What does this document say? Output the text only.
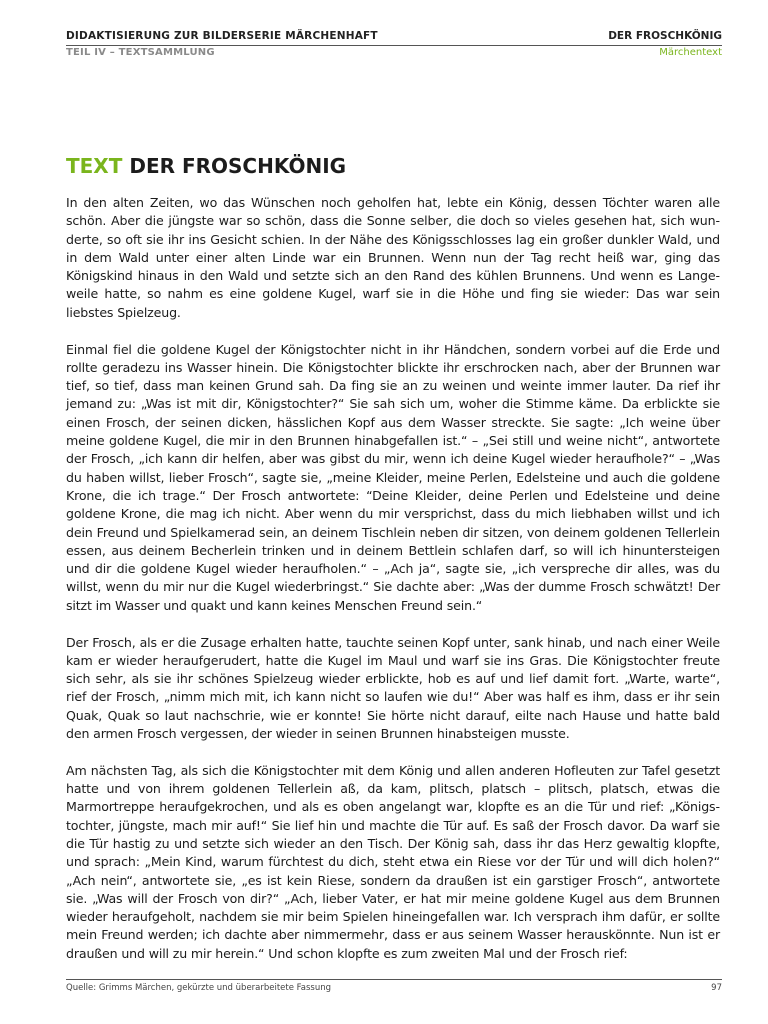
DIDAKTISIERUNG ZUR BILDERSERIE MÄRCHENHAFT	DER FROSCHKÖNIG
TEIL IV – TEXTSAMMLUNG	Märchentext
TEXT DER FROSCHKÖNIG

In den alten Zeiten, wo das Wünschen noch geholfen hat, lebte ein König, dessen Töchter waren alle schön. Aber die jüngste war so schön, dass die Sonne selber, die doch so vieles gesehen hat, sich wunderte, so oft sie ihr ins Gesicht schien. In der Nähe des Königsschlosses lag ein großer dunkler Wald, und in dem Wald unter einer alten Linde war ein Brunnen. Wenn nun der Tag recht heiß war, ging das Königskind hinaus in den Wald und setzte sich an den Rand des kühlen Brunnens. Und wenn es Langeweile hatte, so nahm es eine goldene Kugel, warf sie in die Höhe und fing sie wieder: Das war sein liebstes Spielzeug.

Einmal fiel die goldene Kugel der Königstochter nicht in ihr Händchen, sondern vorbei auf die Erde und rollte geradezu ins Wasser hinein. Die Königstochter blickte ihr erschrocken nach, aber der Brunnen war tief, so tief, dass man keinen Grund sah. Da fing sie an zu weinen und weinte immer lauter. Da rief ihr jemand zu: „Was ist mit dir, Königstochter?“ Sie sah sich um, woher die Stimme käme. Da erblickte sie einen Frosch, der seinen dicken, hässlichen Kopf aus dem Wasser streckte. Sie sagte: „Ich weine über meine goldene Kugel, die mir in den Brunnen hinabgefallen ist.“ – „Sei still und weine nicht“, antwortete der Frosch, „ich kann dir helfen, aber was gibst du mir, wenn ich deine Kugel wieder heraufhole?“ – „Was du haben willst, lieber Frosch“, sagte sie, „meine Kleider, meine Perlen, Edelsteine und auch die goldene Krone, die ich trage.“ Der Frosch antwortete: “Deine Kleider, deine Perlen und Edelsteine und deine goldene Krone, die mag ich nicht. Aber wenn du mir versprichst, dass du mich liebhaben willst und ich dein Freund und Spielkamerad sein, an deinem Tischlein neben dir sitzen, von deinem goldenen Tellerlein essen, aus deinem Becherlein trinken und in deinem Bettlein schlafen darf, so will ich hinuntersteigen und dir die goldene Kugel wieder heraufholen.“ – „Ach ja“, sagte sie, „ich verspreche dir alles, was du willst, wenn du mir nur die Kugel wiederbringst.“ Sie dachte aber: „Was der dumme Frosch schwätzt! Der sitzt im Wasser und quakt und kann keines Menschen Freund sein.“

Der Frosch, als er die Zusage erhalten hatte, tauchte seinen Kopf unter, sank hinab, und nach einer Weile kam er wieder heraufgerudert, hatte die Kugel im Maul und warf sie ins Gras. Die Königstochter freute sich sehr, als sie ihr schönes Spielzeug wieder erblickte, hob es auf und lief damit fort. „Warte, warte“, rief der Frosch, „nimm mich mit, ich kann nicht so laufen wie du!“ Aber was half es ihm, dass er ihr sein Quak, Quak so laut nachschrie, wie er konnte! Sie hörte nicht darauf, eilte nach Hause und hatte bald den armen Frosch vergessen, der wieder in seinen Brunnen hinabsteigen musste.

Am nächsten Tag, als sich die Königstochter mit dem König und allen anderen Hofleuten zur Tafel gesetzt hatte und von ihrem goldenen Tellerlein aß, da kam, plitsch, platsch – plitsch, platsch, etwas die Marmortreppe heraufgekrochen, und als es oben angelangt war, klopfte es an die Tür und rief: „Königstochter, jüngste, mach mir auf!“ Sie lief hin und machte die Tür auf. Es saß der Frosch davor. Da warf sie die Tür hastig zu und setzte sich wieder an den Tisch. Der König sah, dass ihr das Herz gewaltig klopfte, und sprach: „Mein Kind, warum fürchtest du dich, steht etwa ein Riese vor der Tür und will dich holen?“ „Ach nein“, antwortete sie, „es ist kein Riese, sondern da draußen ist ein garstiger Frosch“, antwortete sie. „Was will der Frosch von dir?“ „Ach, lieber Vater, er hat mir meine goldene Kugel aus dem Brunnen wieder heraufgeholt, nachdem sie mir beim Spielen hineingefallen war. Ich versprach ihm dafür, er sollte mein Freund werden; ich dachte aber nimmermehr, dass er aus seinem Wasser herauskönnte. Nun ist er draußen und will zu mir herein.“ Und schon klopfte es zum zweiten Mal und der Frosch rief:

Quelle: Grimms Märchen, gekürzte und überarbeitete Fassung	97
